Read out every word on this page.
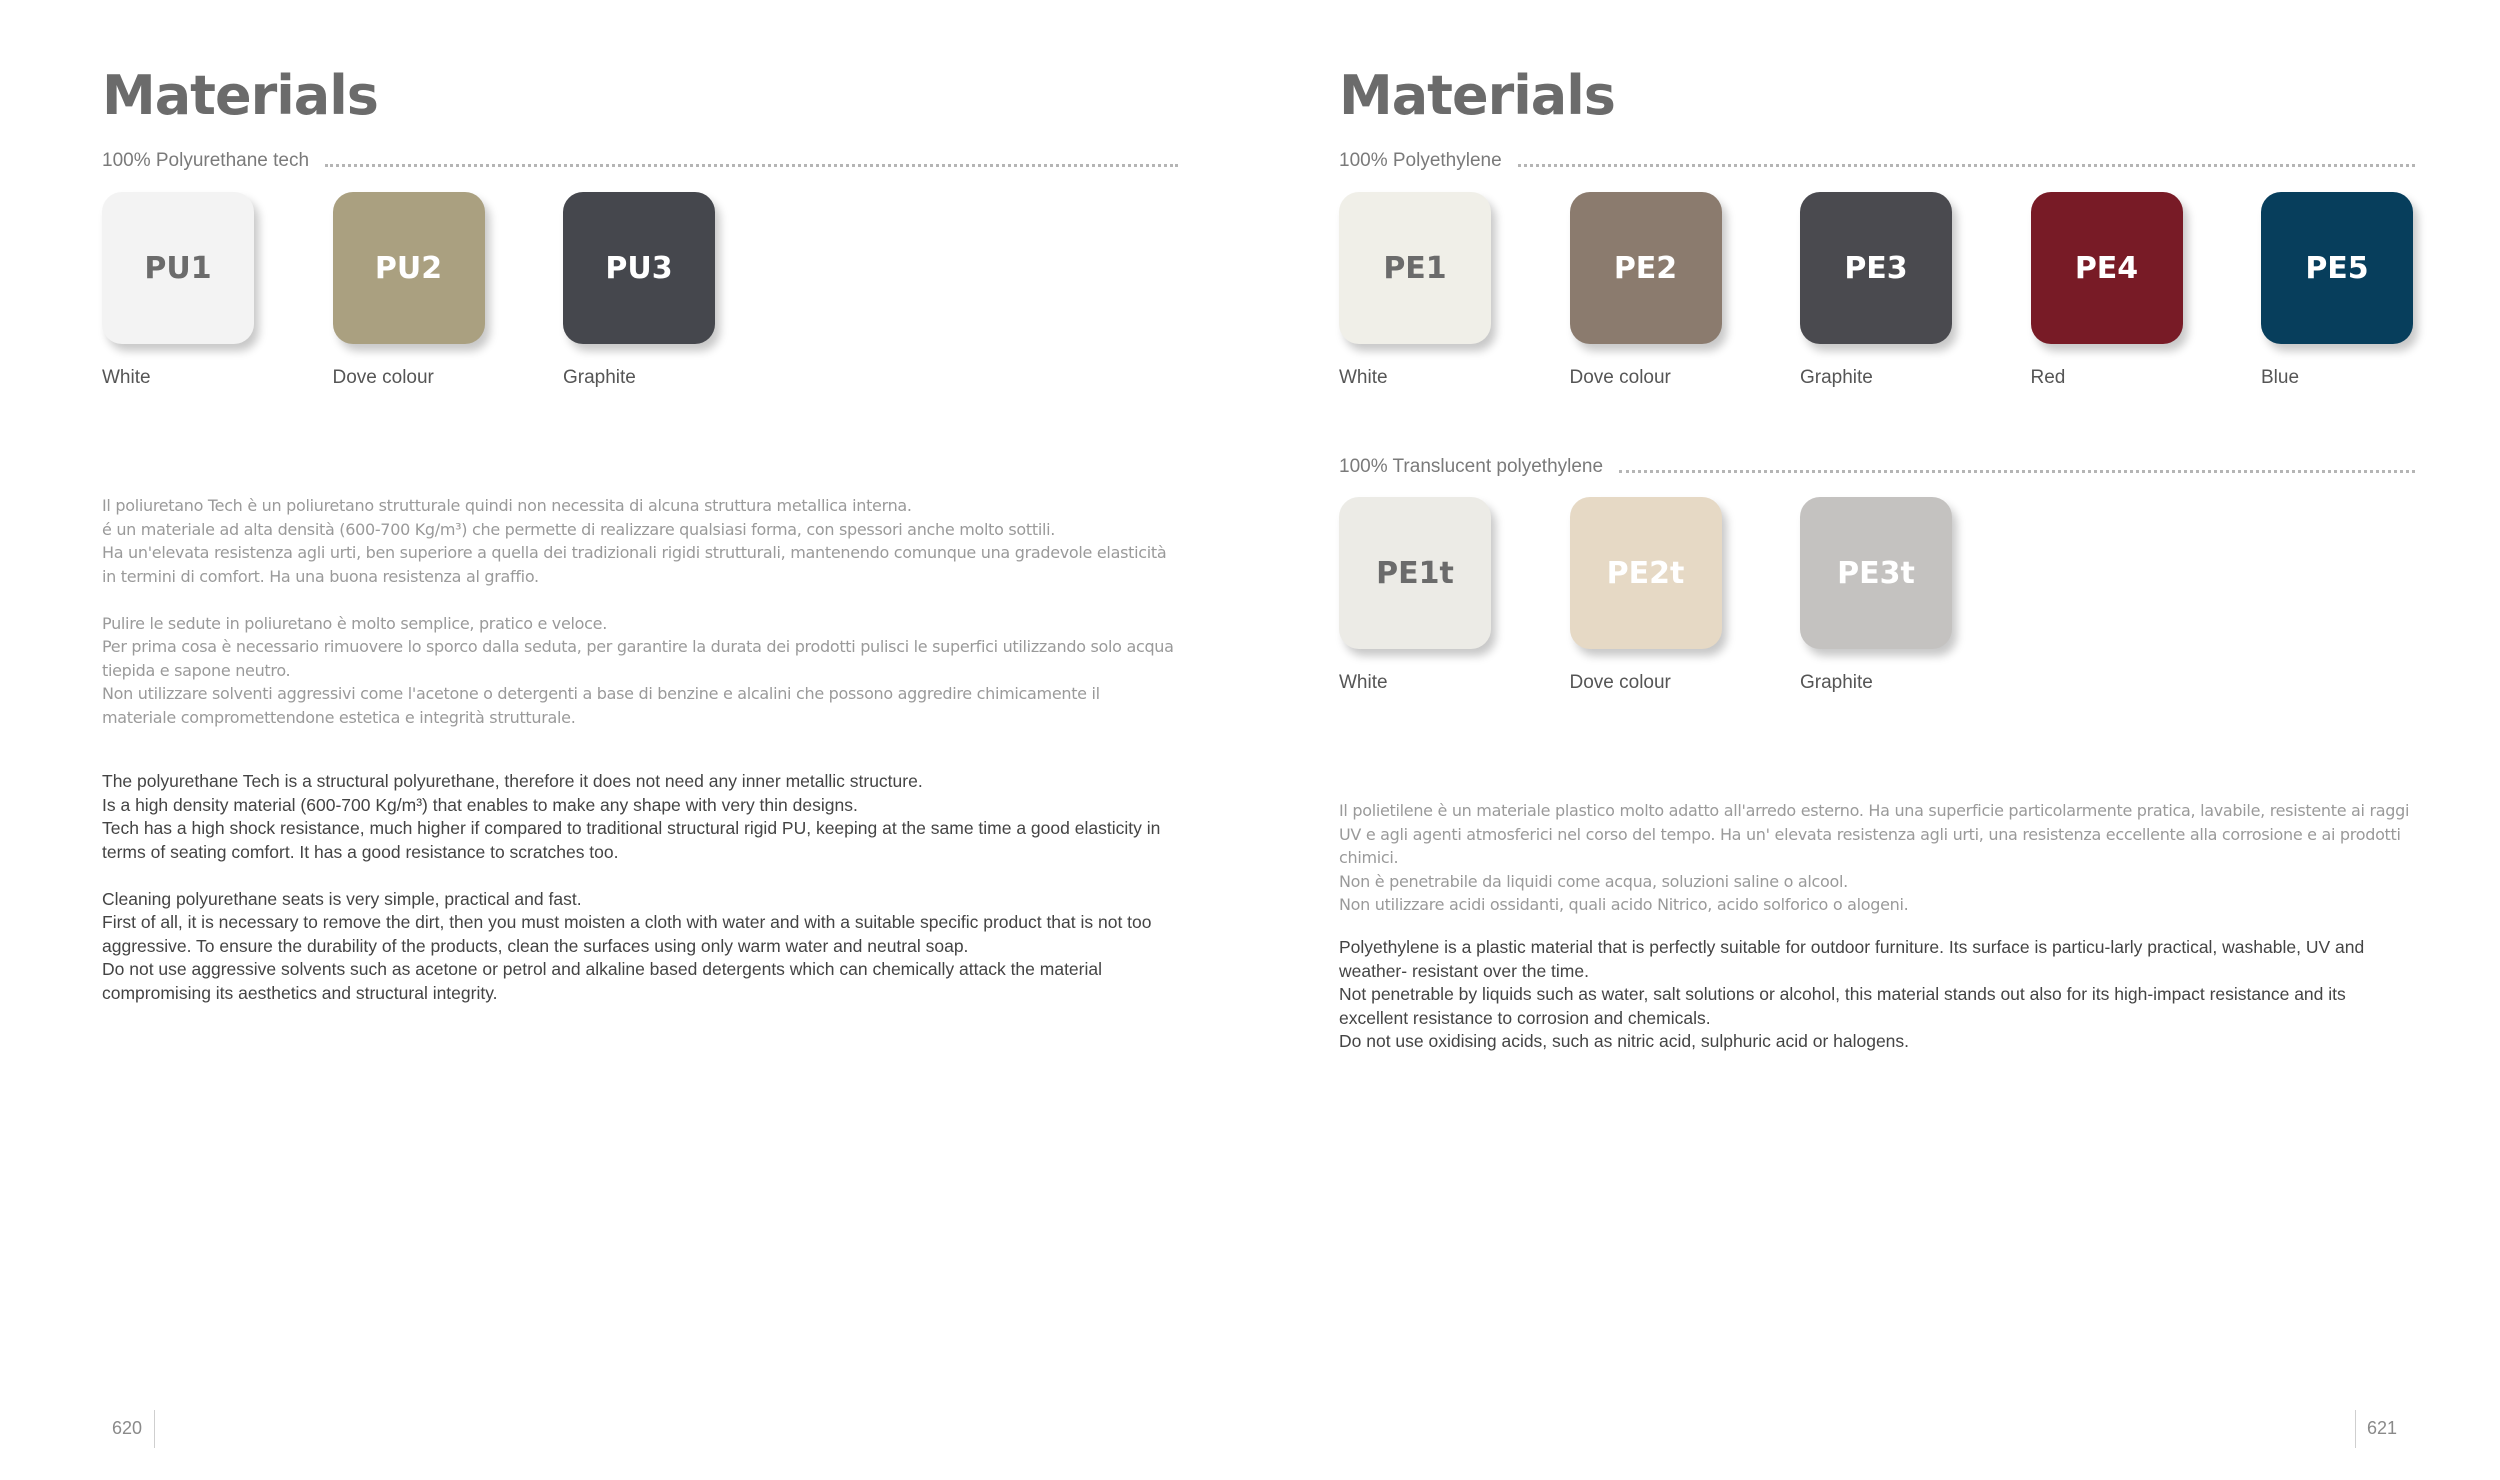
Materials
100% Polyurethane tech
PU1
White
PU2
Dove colour
PU3
Graphite

Il poliuretano Tech è un poliuretano strutturale quindi non necessita di alcuna struttura metallica interna.

é un materiale ad alta densità (600-700 Kg/m³) che permette di realizzare qualsiasi forma, con spessori anche molto sottili.

Ha un'elevata resistenza agli urti, ben superiore a quella dei tradizionali rigidi strutturali, mantenendo comunque una gradevole elasticità in termini di comfort. Ha una buona resistenza al graffio.

Pulire le sedute in poliuretano è molto semplice, pratico e veloce.

Per prima cosa è necessario rimuovere lo sporco dalla seduta, per garantire la durata dei prodotti pulisci le superfici utilizzando solo acqua tiepida e sapone neutro.

Non utilizzare solventi aggressivi come l'acetone o detergenti a base di benzine e alcalini che possono aggredire chimicamente il materiale compromettendone estetica e integrità strutturale.

The polyurethane Tech is a structural polyurethane, therefore it does not need any inner metallic structure.

Is a high density material (600-700 Kg/m³) that enables to make any shape with very thin designs.

Tech has a high shock resistance, much higher if compared to traditional structural rigid PU, keeping at the same time a good elasticity in terms of seating comfort. It has a good resistance to scratches too.

Cleaning polyurethane seats is very simple, practical and fast.

First of all, it is necessary to remove the dirt, then you must moisten a cloth with water and with a suitable specific product that is not too aggressive. To ensure the durability of the products, clean the surfaces using only warm water and neutral soap.

Do not use aggressive solvents such as acetone or petrol and alkaline based detergents which can chemically attack the material compromising its aesthetics and structural integrity.

620
Materials
100% Polyethylene
PE1
White
PE2
Dove colour
PE3
Graphite
PE4
Red
PE5
Blue
100% Translucent polyethylene
PE1t
White
PE2t
Dove colour
PE3t
Graphite

Il polietilene è un materiale plastico molto adatto all'arredo esterno. Ha una superficie particolarmente pratica, lavabile, resistente ai raggi UV e agli agenti atmosferici nel corso del tempo. Ha un' elevata resistenza agli urti, una resistenza eccellente alla corrosione e ai prodotti chimici.

Non è penetrabile da liquidi come acqua, soluzioni saline o alcool.

Non utilizzare acidi ossidanti, quali acido Nitrico, acido solforico o alogeni.

Polyethylene is a plastic material that is perfectly suitable for outdoor furniture. Its surface is particu-larly practical, washable, UV and weather- resistant over the time.

Not penetrable by liquids such as water, salt solutions or alcohol, this material stands out also for its high-impact resistance and its excellent resistance to corrosion and chemicals.

Do not use oxidising acids, such as nitric acid, sulphuric acid or halogens.

621
